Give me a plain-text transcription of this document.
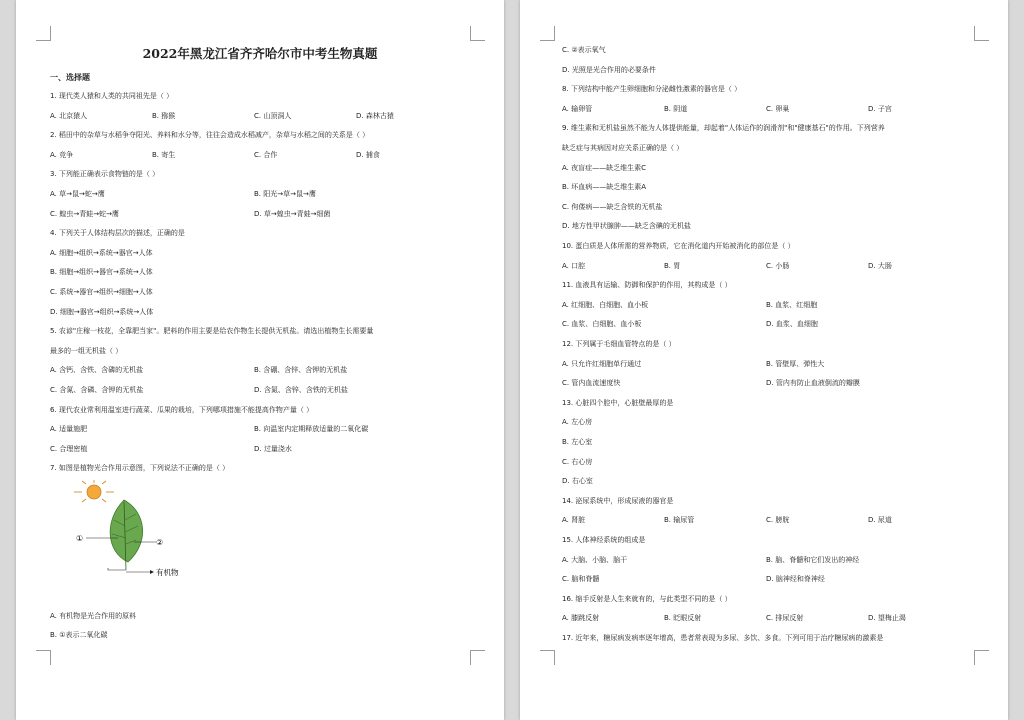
2022年黑龙江省齐齐哈尔市中考生物真题
一、选择题
1. 现代类人猿和人类的共同祖先是（ ）
A. 北京猿人	B. 猕猴	C. 山顶洞人	D. 森林古猿
2. 稻田中的杂草与水稻争夺阳光、养料和水分等，往往会造成水稻减产，杂草与水稻之间的关系是（ ）
A. 竞争	B. 寄生	C. 合作	D. 捕食
3. 下列能正确表示食物链的是（ ）
A. 草→鼠→蛇→鹰	B. 阳光→草→鼠→鹰
C. 蝗虫→青蛙→蛇→鹰	D. 草→蝗虫→青蛙→细菌
4. 下列关于人体结构层次的描述，正确的是
A. 细胞→组织→系统→器官→人体
B. 细胞→组织→器官→系统→人体
C. 系统→器官→组织→细胞→人体
D. 细胞→器官→组织→系统→人体
5. 农谚"庄稼一枝花，全靠肥当家"。肥料的作用主要是给农作物生长提供无机盐。请选出植物生长需要量
最多的一组无机盐（ ）
A. 含钙、含铁、含磷的无机盐	B. 含硼、含锌、含钾的无机盐
C. 含氮、含磷、含钾的无机盐	D. 含氮、含锌、含铁的无机盐
6. 现代农业常利用温室进行蔬菜、瓜果的栽培，下列哪项措施不能提高作物产量（ ）
A. 适量施肥	B. 向温室内定期释放适量的二氧化碳
C. 合理密植	D. 过量浇水
7. 如图是植物光合作用示意图，下列说法不正确的是（ ）
①	②
有机物
A. 有机物是光合作用的原料
B. ①表示二氧化碳
C. ②表示氧气
D. 光照是光合作用的必要条件
8. 下列结构中能产生卵细胞和分泌雌性激素的器官是（ ）
A. 输卵管	B. 阴道	C. 卵巢	D. 子宫
9. 维生素和无机盐虽然不能为人体提供能量，却起着"人体运作的润滑剂"和"健康基石"的作用。下列营养
缺乏症与其病因对应关系正确的是（ ）
A. 夜盲症——缺乏维生素C
B. 坏血病——缺乏维生素A
C. 佝偻病——缺乏含铁的无机盐
D. 地方性甲状腺肿——缺乏含碘的无机盐
10. 蛋白质是人体所需的营养物质，它在消化道内开始被消化的部位是（ ）
A. 口腔	B. 胃	C. 小肠	D. 大肠
11. 血液具有运输、防御和保护的作用，其构成是（ ）
A. 红细胞、白细胞、血小板	B. 血浆、红细胞
C. 血浆、白细胞、血小板	D. 血浆、血细胞
12. 下列属于毛细血管特点的是（ ）
A. 只允许红细胞单行通过	B. 管壁厚、弹性大
C. 管内血流速度快	D. 管内有防止血液倒流的瓣膜
13. 心脏四个腔中，心脏壁最厚的是
A. 左心房
B. 左心室
C. 右心房
D. 右心室
14. 泌尿系统中，形成尿液的器官是
A. 肾脏	B. 输尿管	C. 膀胱	D. 尿道
15. 人体神经系统的组成是
A. 大脑、小脑、脑干	B. 脑、脊髓和它们发出的神经
C. 脑和脊髓	D. 脑神经和脊神经
16. 缩手反射是人生来就有的，与此类型不同的是（ ）
A. 膝跳反射	B. 眨眼反射	C. 排尿反射	D. 望梅止渴
17. 近年来，糖尿病发病率逐年增高，患者常表现为多尿、多饮、多食。下列可用于治疗糖尿病的激素是
